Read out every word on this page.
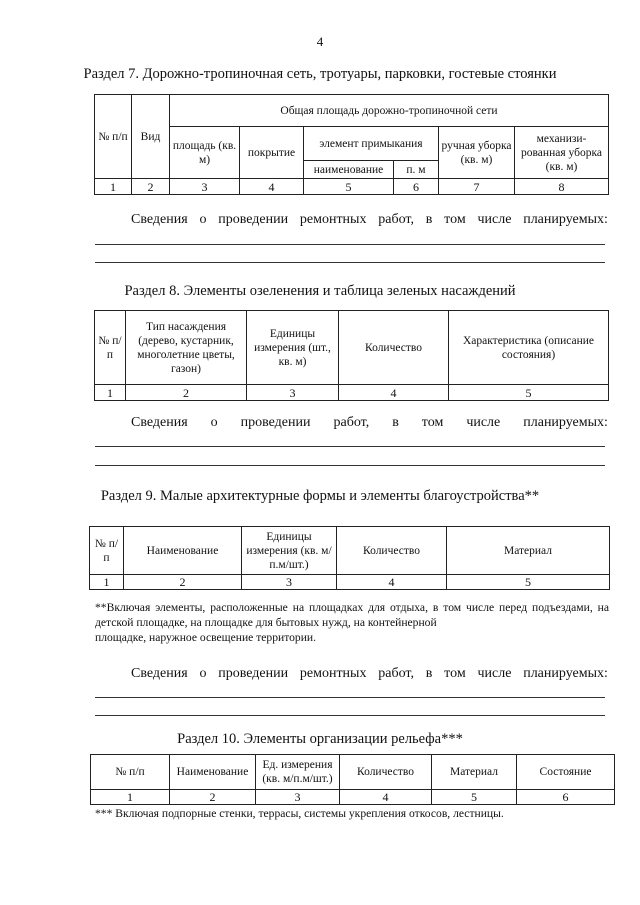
4
Раздел 7. Дорожно-тропиночная сеть, тротуары, парковки, гостевые стоянки
№ п/п	Вид	Общая площадь дорожно-тропиночной сети					
		площадь (кв. м)	покрытие	элемент примыкания		ручная уборка (кв. м)	механизи-рованная уборка (кв. м)
				наименование	п. м		
1	2	3	4	5	6	7	8
Сведения о проведении ремонтных работ, в том числе планируемых:
Раздел 8. Элементы озеленения и таблица зеленых насаждений
№ п/п	Тип насаждения (дерево, кустарник, многолетние цветы, газон)	Единицы измерения (шт., кв. м)	Количество	Характеристика (описание состояния)
1	2	3	4	5
Сведения о проведении работ, в том числе планируемых:
Раздел 9. Малые архитектурные формы и элементы благоустройства**
№ п/п	Наименование	Единицы измерения (кв. м/п.м/шт.)	Количество	Материал
1	2	3	4	5
**Включая элементы, расположенные на площадках для отдыха, в том числе перед подъездами, на детской площадке, на площадке для бытовых нужд, на контейнерной
площадке, наружное освещение территории.
Сведения о проведении ремонтных работ, в том числе планируемых:
Раздел 10. Элементы организации рельефа***
№ п/п	Наименование	Ед. измерения (кв. м/п.м/шт.)	Количество	Материал	Состояние
1	2	3	4	5	6
*** Включая подпорные стенки, террасы, системы укрепления откосов, лестницы.
